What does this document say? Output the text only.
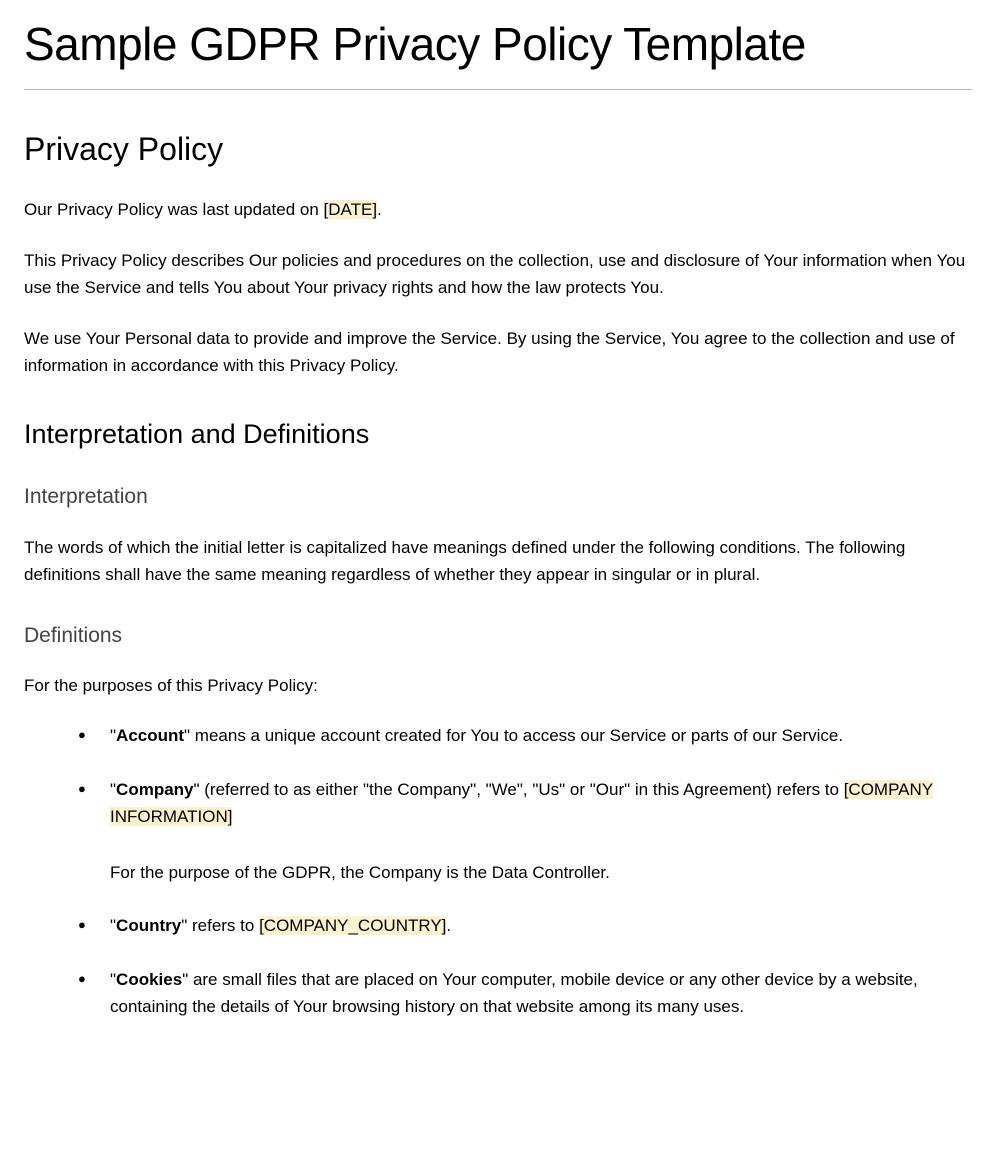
Sample GDPR Privacy Policy Template
Privacy Policy

Our Privacy Policy was last updated on [DATE].

This Privacy Policy describes Our policies and procedures on the collection, use and disclosure of Your information when You use the Service and tells You about Your privacy rights and how the law protects You.

We use Your Personal data to provide and improve the Service. By using the Service, You agree to the collection and use of information in accordance with this Privacy Policy.

Interpretation and Definitions
Interpretation

The words of which the initial letter is capitalized have meanings defined under the following conditions. The following definitions shall have the same meaning regardless of whether they appear in singular or in plural.

Definitions

For the purposes of this Privacy Policy:

● "Account" means a unique account created for You to access our Service or parts of our Service.
● "Company" (referred to as either "the Company", "We", "Us" or "Our" in this Agreement) refers to [COMPANY INFORMATION]
For the purpose of the GDPR, the Company is the Data Controller.
● "Country" refers to [COMPANY_COUNTRY].
● "Cookies" are small files that are placed on Your computer, mobile device or any other device by a website, containing the details of Your browsing history on that website among its many uses.
